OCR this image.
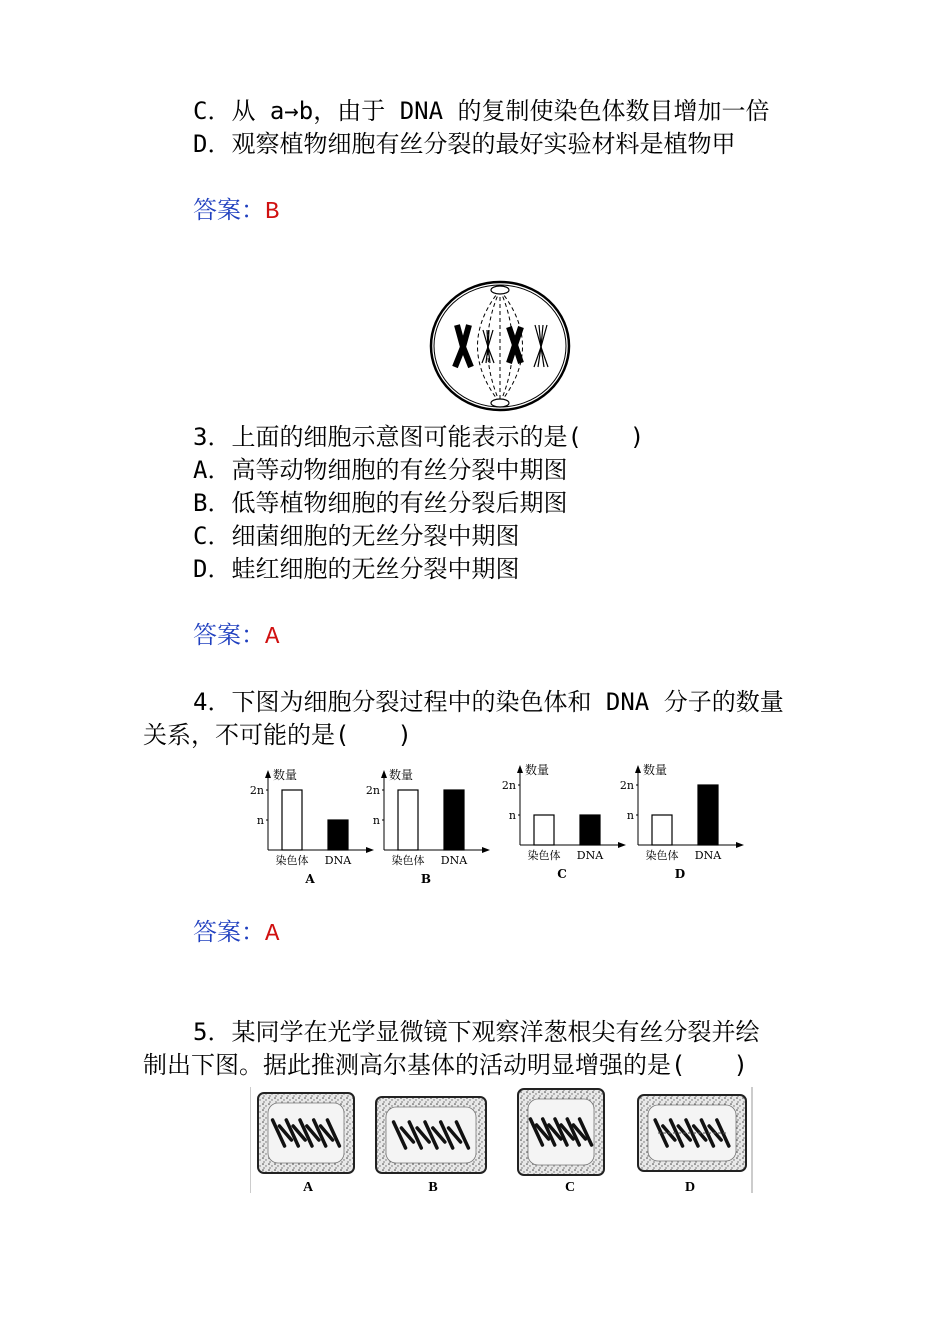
C．从 a→b，由于 DNA 的复制使染色体数目增加一倍
D．观察植物细胞有丝分裂的最好实验材料是植物甲
答案：B
3．上面的细胞示意图可能表示的是(　　)
A．高等动物细胞的有丝分裂中期图
B．低等植物细胞的有丝分裂后期图
C．细菌细胞的无丝分裂中期图
D．蛙红细胞的无丝分裂中期图
答案：A
4．下图为细胞分裂过程中的染色体和 DNA 分子的数量
关系，不可能的是(　　)
数量
2n
n
染色体 DNA
A
数量
2n
n
染色体 DNA
B
数量
2n
n
染色体 DNA
C
数量
2n
n
染色体 DNA
D
答案：A
5．某同学在光学显微镜下观察洋葱根尖有丝分裂并绘
制出下图。据此推测高尔基体的活动明显增强的是(　　)
A	B	C	D
